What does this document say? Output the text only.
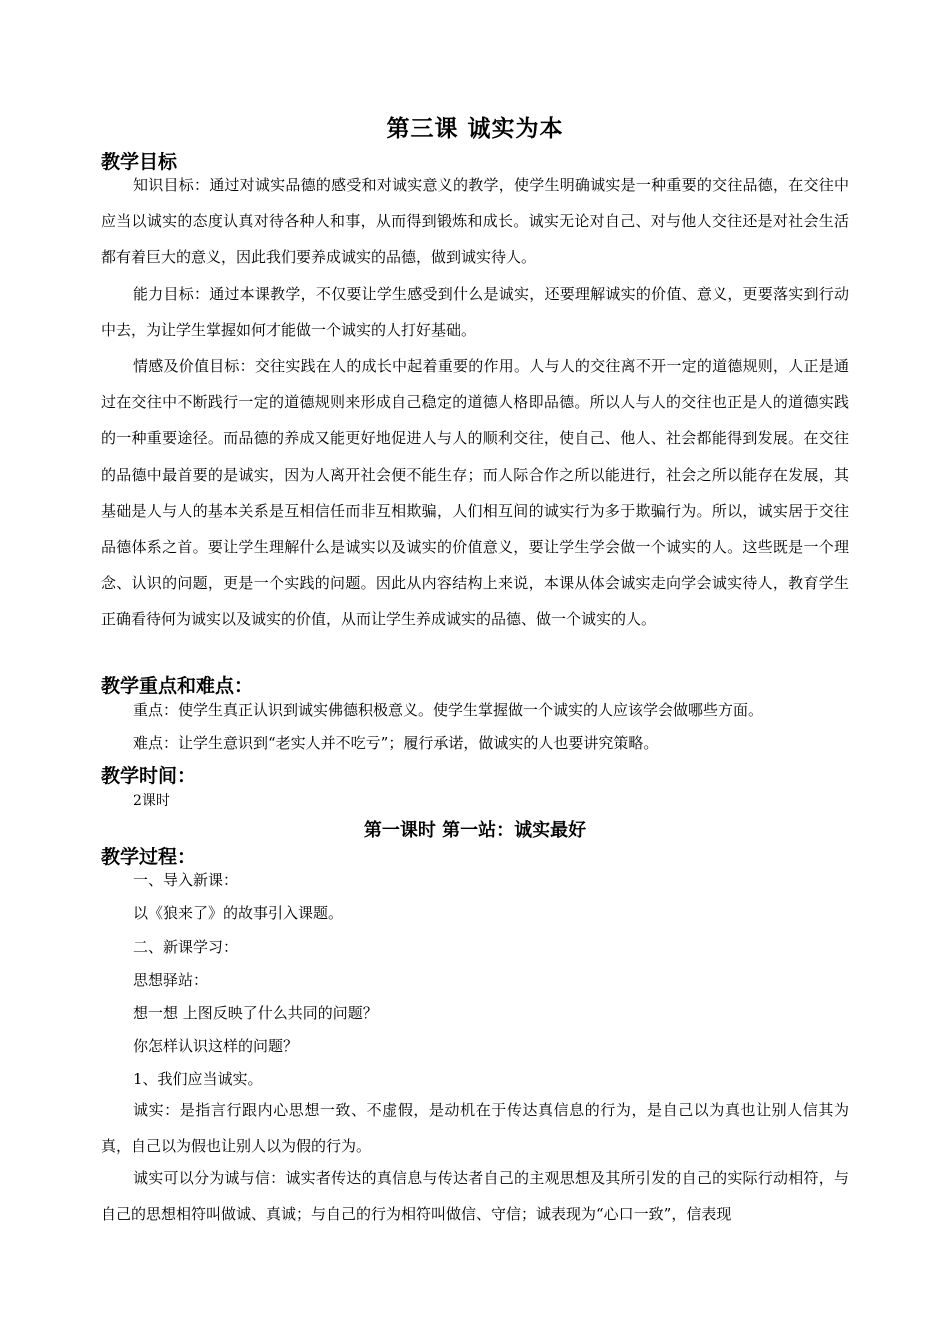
第三课 诚实为本
教学目标

知识目标：通过对诚实品德的感受和对诚实意义的教学，使学生明确诚实是一种重要的交往品德，在交往中应当以诚实的态度认真对待各种人和事，从而得到锻炼和成长。诚实无论对自己、对与他人交往还是对社会生活都有着巨大的意义，因此我们要养成诚实的品德，做到诚实待人。

能力目标：通过本课教学，不仅要让学生感受到什么是诚实，还要理解诚实的价值、意义，更要落实到行动中去，为让学生掌握如何才能做一个诚实的人打好基础。

情感及价值目标：交往实践在人的成长中起着重要的作用。人与人的交往离不开一定的道德规则，人正是通过在交往中不断践行一定的道德规则来形成自己稳定的道德人格即品德。所以人与人的交往也正是人的道德实践的一种重要途径。而品德的养成又能更好地促进人与人的顺利交往，使自己、他人、社会都能得到发展。在交往的品德中最首要的是诚实，因为人离开社会便不能生存；而人际合作之所以能进行，社会之所以能存在发展，其基础是人与人的基本关系是互相信任而非互相欺骗，人们相互间的诚实行为多于欺骗行为。所以，诚实居于交往品德体系之首。要让学生理解什么是诚实以及诚实的价值意义，要让学生学会做一个诚实的人。这些既是一个理念、认识的问题，更是一个实践的问题。因此从内容结构上来说，本课从体会诚实走向学会诚实待人，教育学生正确看待何为诚实以及诚实的价值，从而让学生养成诚实的品德、做一个诚实的人。

教学重点和难点：
重点：使学生真正认识到诚实佛德积极意义。使学生掌握做一个诚实的人应该学会做哪些方面。
难点：让学生意识到“老实人并不吃亏”；履行承诺，做诚实的人也要讲究策略。
教学时间：
2课时
第一课时 第一站：诚实最好
教学过程：
一、导入新课：
以《狼来了》的故事引入课题。
二、新课学习：
思想驿站：
想一想 上图反映了什么共同的问题？
你怎样认识这样的问题？
1、我们应当诚实。

诚实：是指言行跟内心思想一致、不虚假，是动机在于传达真信息的行为，是自己以为真也让别人信其为真，自己以为假也让别人以为假的行为。

诚实可以分为诚与信：诚实者传达的真信息与传达者自己的主观思想及其所引发的自己的实际行动相符，与自己的思想相符叫做诚、真诚；与自己的行为相符叫做信、守信；诚表现为“心口一致”，信表现
